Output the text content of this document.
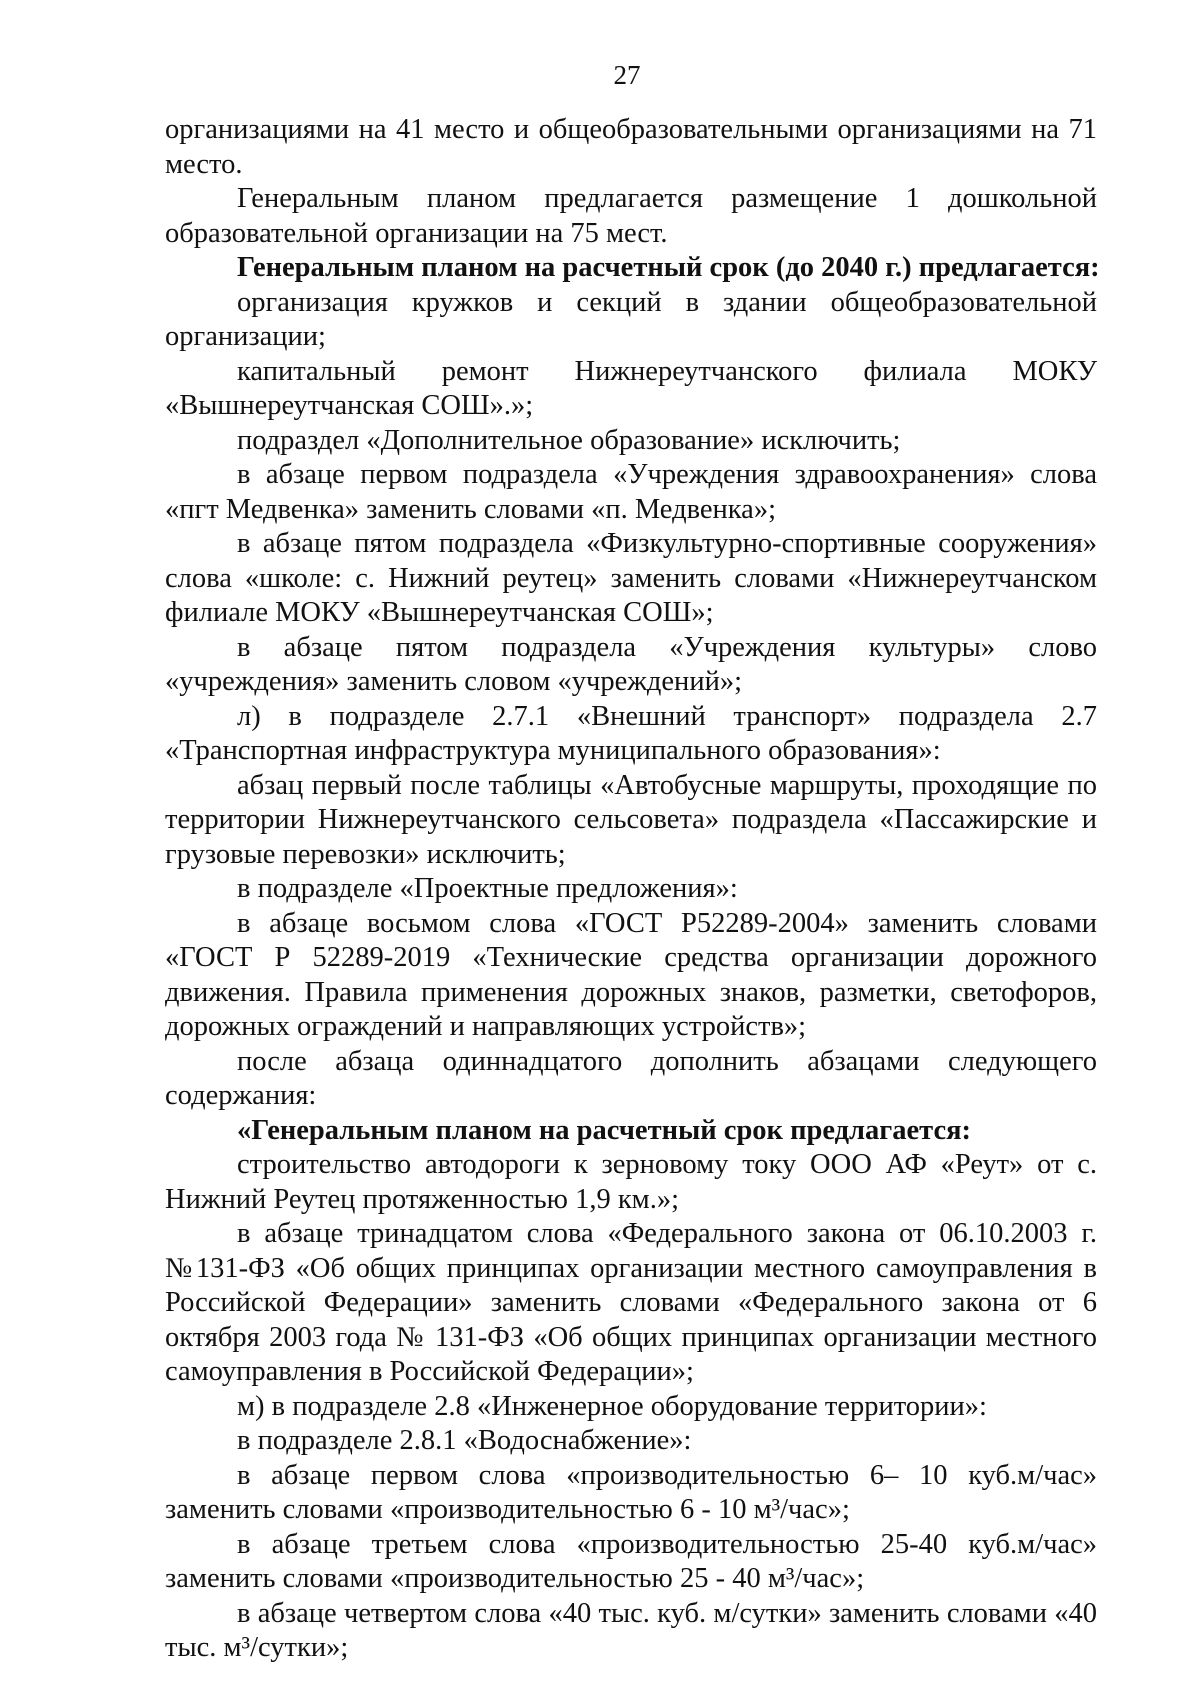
27

организациями на 41 место и общеобразовательными организациями на 71 место.

Генеральным планом предлагается размещение 1 дошкольной образовательной организации на 75 мест.

Генеральным планом на расчетный срок (до 2040 г.) предлагается:

организация кружков и секций в здании общеобразовательной организации;

капитальный ремонт Нижнереутчанского филиала МОКУ «Вышнереутчанская СОШ».»;

подраздел «Дополнительное образование» исключить;

в абзаце первом подраздела «Учреждения здравоохранения» слова «пгт Медвенка» заменить словами «п. Медвенка»;

в абзаце пятом подраздела «Физкультурно-спортивные сооружения» слова «школе: с. Нижний реутец» заменить словами «Нижнереутчанском филиале МОКУ «Вышнереутчанская СОШ»;

в абзаце пятом подраздела «Учреждения культуры» слово «учреждения» заменить словом «учреждений»;

л) в подразделе 2.7.1 «Внешний транспорт» подраздела 2.7 «Транспортная инфраструктура муниципального образования»:

абзац первый после таблицы «Автобусные маршруты, проходящие по территории Нижнереутчанского сельсовета» подраздела «Пассажирские и грузовые перевозки» исключить;

в подразделе «Проектные предложения»:

в абзаце восьмом слова «ГОСТ Р52289-2004» заменить словами «ГОСТ Р 52289-2019 «Технические средства организации дорожного движения. Правила применения дорожных знаков, разметки, светофоров, дорожных ограждений и направляющих устройств»;

после абзаца одиннадцатого дополнить абзацами следующего содержания:

«Генеральным планом на расчетный срок предлагается:

строительство автодороги к зерновому току ООО АФ «Реут» от с. Нижний Реутец протяженностью 1,9 км.»;

в абзаце тринадцатом слова «Федерального закона от 06.10.2003 г. №131-ФЗ «Об общих принципах организации местного самоуправления в Российской Федерации» заменить словами «Федерального закона от 6 октября 2003 года № 131-ФЗ «Об общих принципах организации местного самоуправления в Российской Федерации»;

м) в подразделе 2.8 «Инженерное оборудование территории»:

в подразделе 2.8.1 «Водоснабжение»:

в абзаце первом слова «производительностью 6– 10 куб.м/час» заменить словами «производительностью 6 - 10 м³/час»;

в абзаце третьем слова «производительностью 25-40 куб.м/час» заменить словами «производительностью 25 - 40 м³/час»;

в абзаце четвертом слова «40 тыс. куб. м/сутки» заменить словами «40 тыс. м³/сутки»;
